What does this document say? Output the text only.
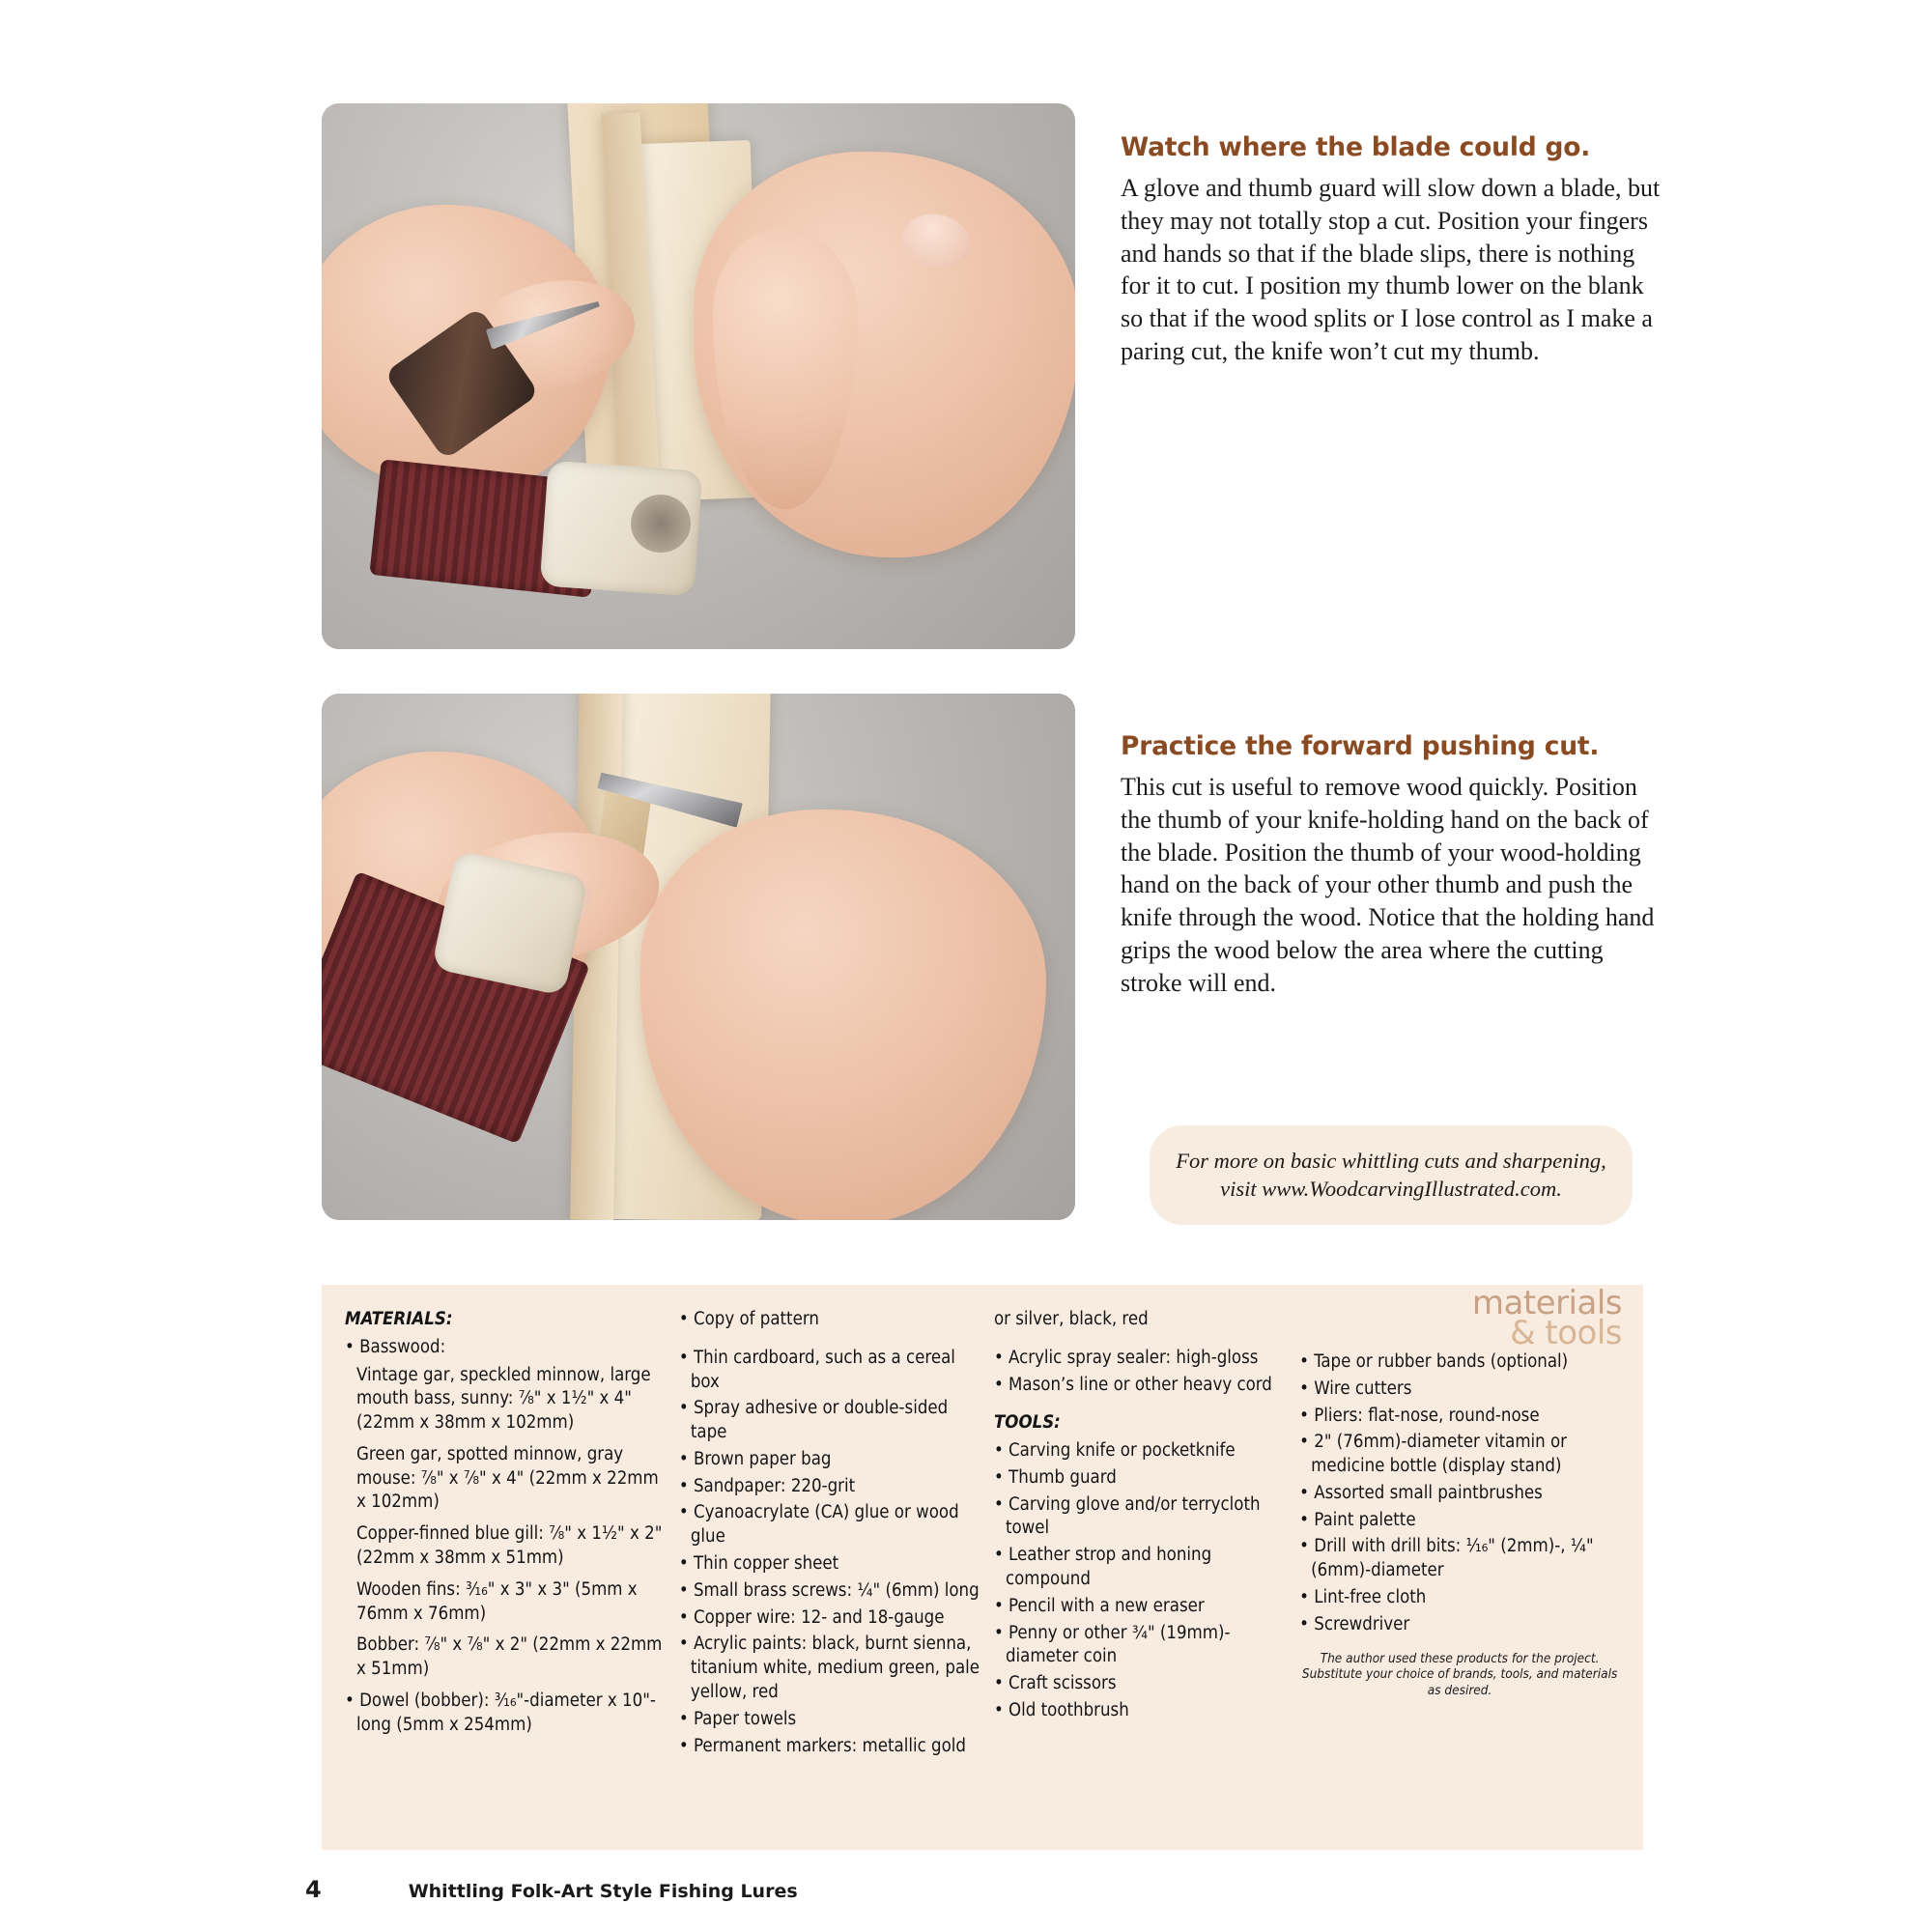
Watch where the blade could go.

A glove and thumb guard will slow down a blade, but they may not totally stop a cut. Position your fingers and hands so that if the blade slips, there is nothing for it to cut. I position my thumb lower on the blank so that if the wood splits or I lose control as I make a paring cut, the knife won’t cut my thumb.

Practice the forward pushing cut.

This cut is useful to remove wood quickly. Position the thumb of your knife-holding hand on the back of the blade. Position the thumb of your wood-holding hand on the back of your other thumb and push the knife through the wood. Notice that the holding hand grips the wood below the area where the cutting stroke will end.

For more on basic whittling cuts and sharpening, visit www.WoodcarvingIllustrated.com.

materials
& tools
MATERIALS:
• Basswood:
Vintage gar, speckled minnow, large mouth bass, sunny: ⁷⁄₈" x 1½" x 4" (22mm x 38mm x 102mm)
Green gar, spotted minnow, gray mouse: ⁷⁄₈" x ⁷⁄₈" x 4" (22mm x 22mm x 102mm)
Copper-finned blue gill: ⁷⁄₈" x 1½" x 2" (22mm x 38mm x 51mm)
Wooden fins: ³⁄₁₆" x 3" x 3" (5mm x 76mm x 76mm)
Bobber: ⁷⁄₈" x ⁷⁄₈" x 2" (22mm x 22mm x 51mm)
• Dowel (bobber): ³⁄₁₆"-diameter x 10"-long (5mm x 254mm)
• Copy of pattern
• Thin cardboard, such as a cereal box
• Spray adhesive or double-sided tape
• Brown paper bag
• Sandpaper: 220-grit
• Cyanoacrylate (CA) glue or wood glue
• Thin copper sheet
• Small brass screws: ¼" (6mm) long
• Copper wire: 12- and 18-gauge
• Acrylic paints: black, burnt sienna, titanium white, medium green, pale yellow, red
• Paper towels
• Permanent markers: metallic gold
or silver, black, red
• Acrylic spray sealer: high-gloss
• Mason’s line or other heavy cord
TOOLS:
• Carving knife or pocketknife
• Thumb guard
• Carving glove and/or terrycloth towel
• Leather strop and honing compound
• Pencil with a new eraser
• Penny or other ¾" (19mm)-diameter coin
• Craft scissors
• Old toothbrush
• Tape or rubber bands (optional)
• Wire cutters
• Pliers: flat-nose, round-nose
• 2" (76mm)-diameter vitamin or medicine bottle (display stand)
• Assorted small paintbrushes
• Paint palette
• Drill with drill bits: ¹⁄₁₆" (2mm)-, ¼" (6mm)-diameter
• Lint-free cloth
• Screwdriver
The author used these products for the project. Substitute your choice of brands, tools, and materials as desired.
4	Whittling Folk-Art Style Fishing Lures
